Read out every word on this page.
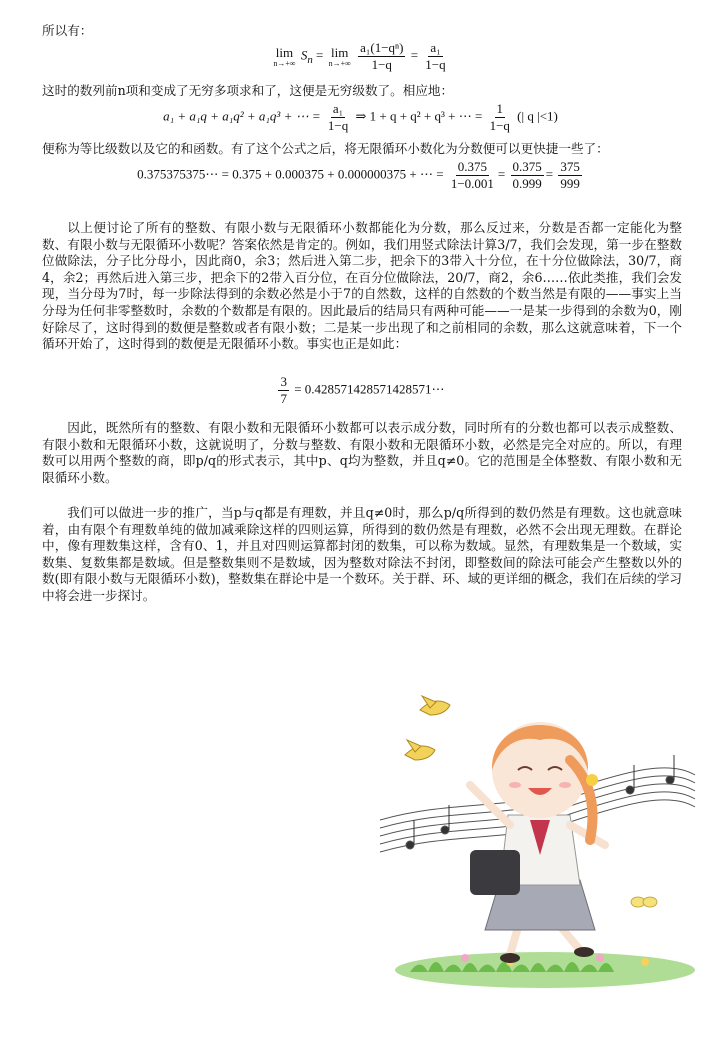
所以有：
lim
n→+∞
$S_n = \lim$
n→+∞
$\frac{\text{a₁(1−qⁿ)}}{1-q} = \frac{\text{a₁}}{1-q}$
这时的数列前n项和变成了无穷多项求和了，这便是无穷级数了。相应地：
a₁ + a₁q + a₁q² + a₁q³ + ⋯ = $\frac{\text{a₁}}{1-q}$ ⇒ 1 + q + q² + q³ + ⋯ = $\frac{1}{1-q}$ (| q |<1)
便称为等比级数以及它的和函数。有了这个公式之后，将无限循环小数化为分数便可以更快捷一些了：
0.375375375⋯ = 0.375 + 0.000375 + 0.000000375 + ⋯ = $\frac{0.375}{1-0.001} = \frac{0.375}{0.999} = \frac{375}{999}$

以上便讨论了所有的整数、有限小数与无限循环小数都能化为分数，那么反过来，分数是否都一定能化为整数、有限小数与无限循环小数呢？答案依然是肯定的。例如，我们用竖式除法计算3/7，我们会发现，第一步在整数位做除法，分子比分母小，因此商0，余3；然后进入第二步，把余下的3带入十分位，在十分位做除法，30/7，商4，余2；再然后进入第三步，把余下的2带入百分位，在百分位做除法，20/7，商2，余6……依此类推，我们会发现，当分母为7时，每一步除法得到的余数必然是小于7的自然数，这样的自然数的个数当然是有限的——事实上当分母为任何非零整数时，余数的个数都是有限的。因此最后的结局只有两种可能——一是某一步得到的余数为0，刚好除尽了，这时得到的数便是整数或者有限小数；二是某一步出现了和之前相同的余数，那么这就意味着，下一个循环开始了，这时得到的数便是无限循环小数。事实也正是如此：

$\frac{3}{7}$ = 0.428571428571428571⋯

因此，既然所有的整数、有限小数和无限循环小数都可以表示成分数，同时所有的分数也都可以表示成整数、有限小数和无限循环小数，这就说明了，分数与整数、有限小数和无限循环小数，必然是完全对应的。所以，有理数可以用两个整数的商，即p/q的形式表示，其中p、q均为整数，并且q≠0。它的范围是全体整数、有限小数和无限循环小数。

我们可以做进一步的推广，当p与q都是有理数，并且q≠0时，那么p/q所得到的数仍然是有理数。这也就意味着，由有限个有理数单纯的做加减乘除这样的四则运算，所得到的数仍然是有理数，必然不会出现无理数。在群论中，像有理数集这样，含有0、1，并且对四则运算都封闭的数集，可以称为数域。显然，有理数集是一个数域，实数集、复数集都是数域。但是整数集则不是数域，因为整数对除法不封闭，即整数间的除法可能会产生整数以外的数(即有限小数与无限循环小数)，整数集在群论中是一个数环。关于群、环、域的更详细的概念，我们在后续的学习中将会进一步探讨。
